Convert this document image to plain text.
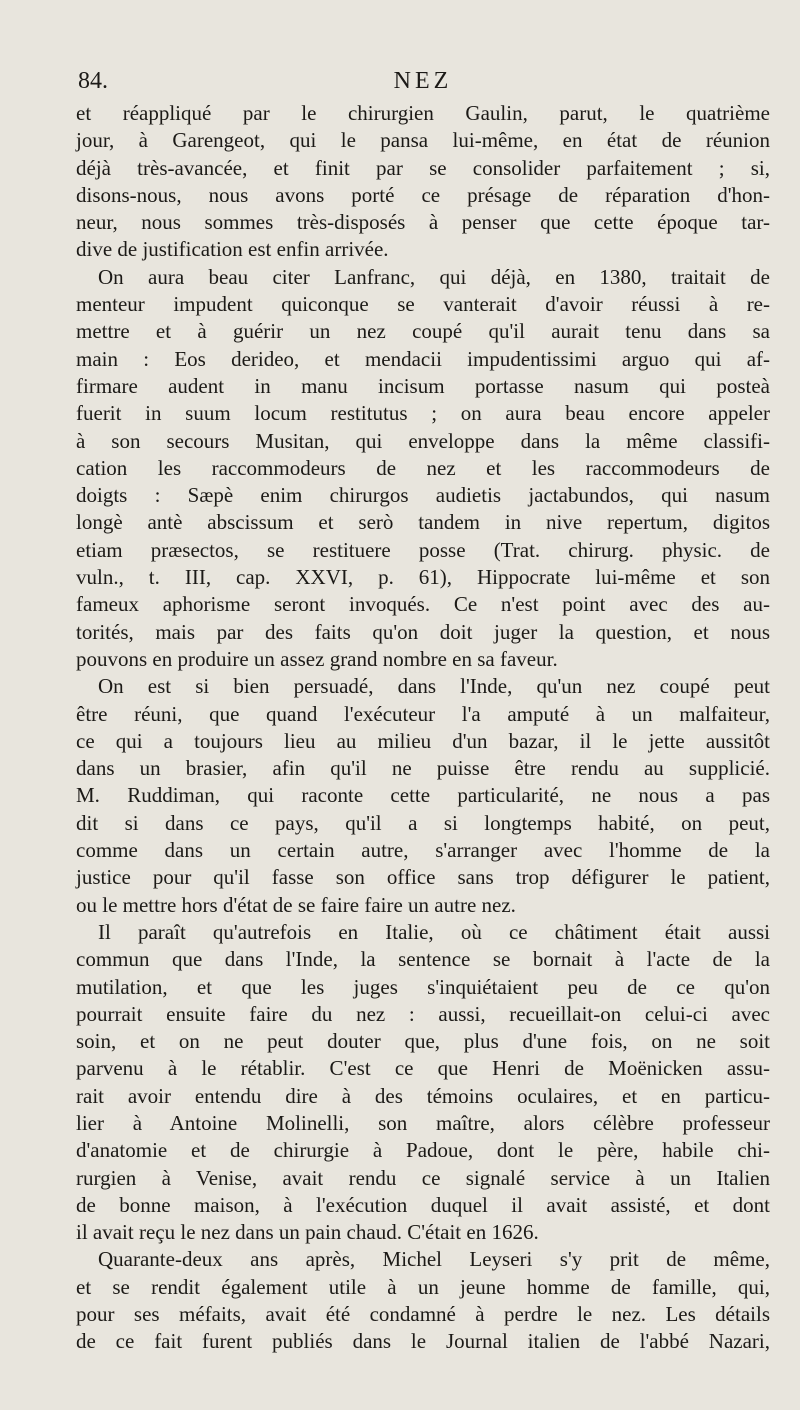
84.	NEZ
et réappliqué par le chirurgien Gaulin, parut, le quatrième
jour, à Garengeot, qui le pansa lui-même, en état de réunion
déjà très-avancée, et finit par se consolider parfaitement ; si,
disons-nous, nous avons porté ce présage de réparation d'hon-
neur, nous sommes très-disposés à penser que cette époque tar-
dive de justification est enfin arrivée.
On aura beau citer Lanfranc, qui déjà, en 1380, traitait de
menteur impudent quiconque se vanterait d'avoir réussi à re-
mettre et à guérir un nez coupé qu'il aurait tenu dans sa
main : Eos derideo, et mendacii impudentissimi arguo qui af-
firmare audent in manu incisum portasse nasum qui posteà
fuerit in suum locum restitutus ; on aura beau encore appeler
à son secours Musitan, qui enveloppe dans la même classifi-
cation les raccommodeurs de nez et les raccommodeurs de
doigts : Sæpè enim chirurgos audietis jactabundos, qui nasum
longè antè abscissum et serò tandem in nive repertum, digitos
etiam præsectos, se restituere posse (Trat. chirurg. physic. de
vuln., t. III, cap. XXVI, p. 61), Hippocrate lui-même et son
fameux aphorisme seront invoqués. Ce n'est point avec des au-
torités, mais par des faits qu'on doit juger la question, et nous
pouvons en produire un assez grand nombre en sa faveur.
On est si bien persuadé, dans l'Inde, qu'un nez coupé peut
être réuni, que quand l'exécuteur l'a amputé à un malfaiteur,
ce qui a toujours lieu au milieu d'un bazar, il le jette aussitôt
dans un brasier, afin qu'il ne puisse être rendu au supplicié.
M. Ruddiman, qui raconte cette particularité, ne nous a pas
dit si dans ce pays, qu'il a si longtemps habité, on peut,
comme dans un certain autre, s'arranger avec l'homme de la
justice pour qu'il fasse son office sans trop défigurer le patient,
ou le mettre hors d'état de se faire faire un autre nez.
Il paraît qu'autrefois en Italie, où ce châtiment était aussi
commun que dans l'Inde, la sentence se bornait à l'acte de la
mutilation, et que les juges s'inquiétaient peu de ce qu'on
pourrait ensuite faire du nez : aussi, recueillait-on celui-ci avec
soin, et on ne peut douter que, plus d'une fois, on ne soit
parvenu à le rétablir. C'est ce que Henri de Moënicken assu-
rait avoir entendu dire à des témoins oculaires, et en particu-
lier à Antoine Molinelli, son maître, alors célèbre professeur
d'anatomie et de chirurgie à Padoue, dont le père, habile chi-
rurgien à Venise, avait rendu ce signalé service à un Italien
de bonne maison, à l'exécution duquel il avait assisté, et dont
il avait reçu le nez dans un pain chaud. C'était en 1626.
Quarante-deux ans après, Michel Leyseri s'y prit de même,
et se rendit également utile à un jeune homme de famille, qui,
pour ses méfaits, avait été condamné à perdre le nez. Les détails
de ce fait furent publiés dans le Journal italien de l'abbé Nazari,
